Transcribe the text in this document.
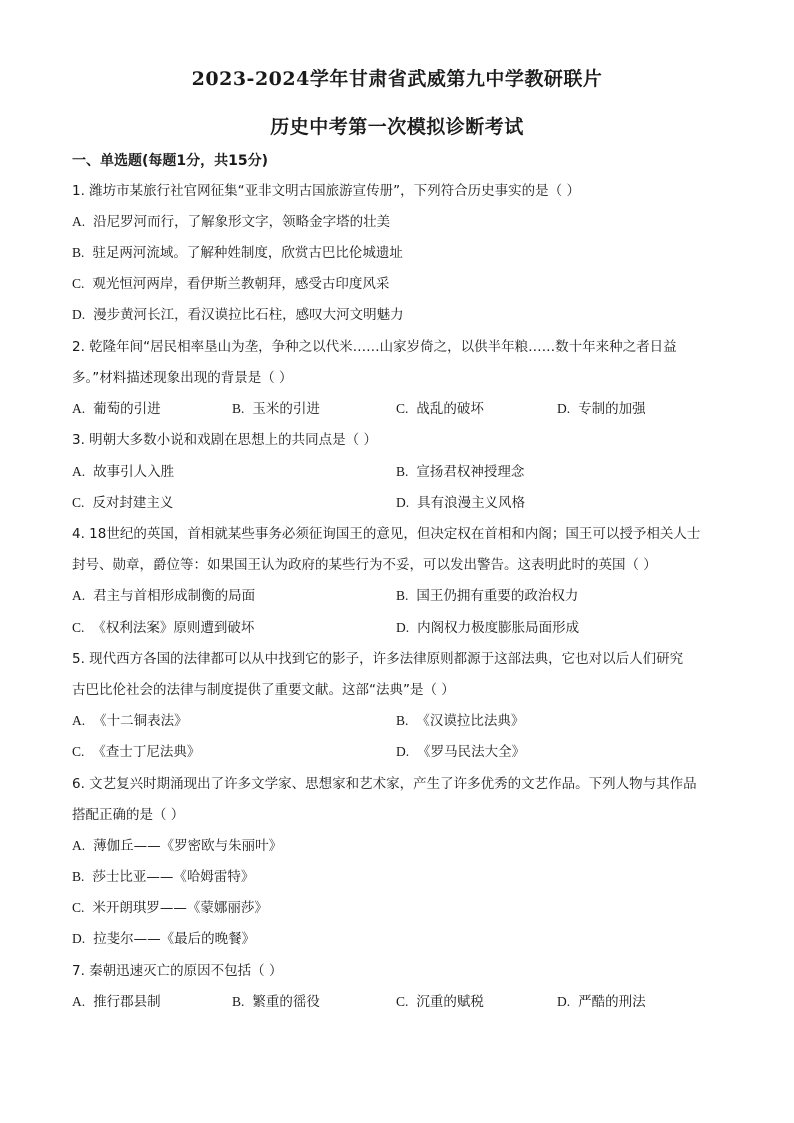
2023-2024学年甘肃省武威第九中学教研联片
历史中考第一次模拟诊断考试
一、单选题(每题1分，共15分)
1. 潍坊市某旅行社官网征集“亚非文明古国旅游宣传册”，下列符合历史事实的是（ ）
A. 沿尼罗河而行，了解象形文字，领略金字塔的壮美
B. 驻足两河流域。了解种姓制度，欣赏古巴比伦城遗址
C. 观光恒河两岸，看伊斯兰教朝拜，感受古印度风采
D. 漫步黄河长江，看汉谟拉比石柱，感叹大河文明魅力
2. 乾隆年间“居民相率垦山为垄，争种之以代米……山家岁倚之，以供半年粮……数十年来种之者日益
多。”材料描述现象出现的背景是（ ）
A. 葡萄的引进	B. 玉米的引进	C. 战乱的破坏	D. 专制的加强
3. 明朝大多数小说和戏剧在思想上的共同点是（ ）
A. 故事引人入胜	B. 宣扬君权神授理念
C. 反对封建主义	D. 具有浪漫主义风格
4. 18世纪的英国，首相就某些事务必须征询国王的意见，但决定权在首相和内阁；国王可以授予相关人士
封号、勋章，爵位等：如果国王认为政府的某些行为不妥，可以发出警告。这表明此时的英国（ ）
A. 君主与首相形成制衡的局面	B. 国王仍拥有重要的政治权力
C. 《权利法案》原则遭到破坏	D. 内阁权力极度膨胀局面形成
5. 现代西方各国的法律都可以从中找到它的影子，许多法律原则都源于这部法典，它也对以后人们研究
古巴比伦社会的法律与制度提供了重要文献。这部“法典”是（ ）
A. 《十二铜表法》	B. 《汉谟拉比法典》
C. 《查士丁尼法典》	D. 《罗马民法大全》
6. 文艺复兴时期涌现出了许多文学家、思想家和艺术家，产生了许多优秀的文艺作品。下列人物与其作品
搭配正确的是（ ）
A. 薄伽丘——《罗密欧与朱丽叶》
B. 莎士比亚——《哈姆雷特》
C. 米开朗琪罗——《蒙娜丽莎》
D. 拉斐尔——《最后的晚餐》
7. 秦朝迅速灭亡的原因不包括（ ）
A. 推行郡县制	B. 繁重的徭役	C. 沉重的赋税	D. 严酷的刑法
